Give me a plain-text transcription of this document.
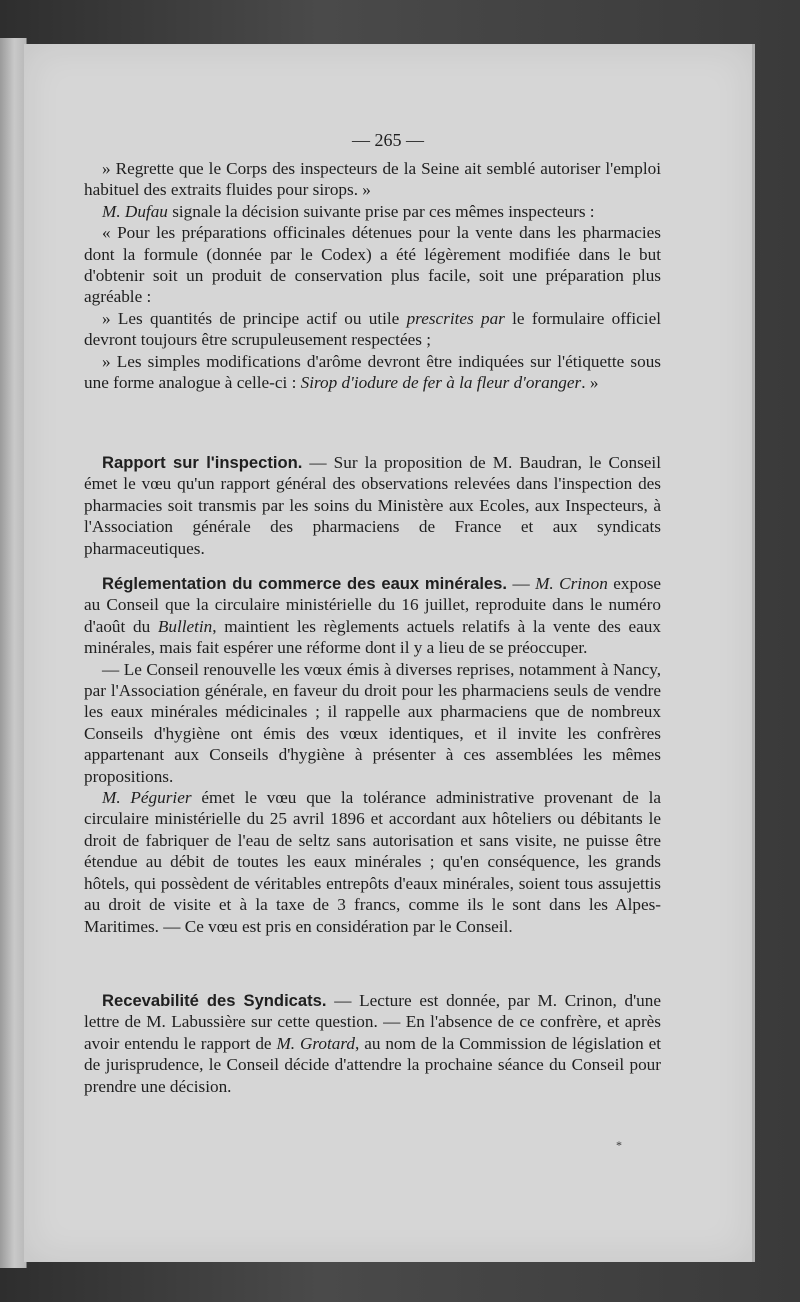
— 265 —

» Regrette que le Corps des inspecteurs de la Seine ait semblé autoriser l'emploi habituel des extraits fluides pour sirops. »

M. Dufau signale la décision suivante prise par ces mêmes inspecteurs :

« Pour les préparations officinales détenues pour la vente dans les pharmacies dont la formule (donnée par le Codex) a été légèrement modifiée dans le but d'obtenir soit un produit de conservation plus facile, soit une préparation plus agréable :

» Les quantités de principe actif ou utile prescrites par le formulaire officiel devront toujours être scrupuleusement respectées ;

» Les simples modifications d'arôme devront être indiquées sur l'étiquette sous une forme analogue à celle-ci : Sirop d'iodure de fer à la fleur d'oranger. »

Rapport sur l'inspection. — Sur la proposition de M. Baudran, le Conseil émet le vœu qu'un rapport général des observations relevées dans l'inspection des pharmacies soit transmis par les soins du Ministère aux Ecoles, aux Inspecteurs, à l'Association générale des pharmaciens de France et aux syndicats pharmaceutiques.

Réglementation du commerce des eaux minérales. — M. Crinon expose au Conseil que la circulaire ministérielle du 16 juillet, reproduite dans le numéro d'août du Bulletin, maintient les règlements actuels relatifs à la vente des eaux minérales, mais fait espérer une réforme dont il y a lieu de se préoccuper.

— Le Conseil renouvelle les vœux émis à diverses reprises, notamment à Nancy, par l'Association générale, en faveur du droit pour les pharmaciens seuls de vendre les eaux minérales médicinales ; il rappelle aux pharmaciens que de nombreux Conseils d'hygiène ont émis des vœux identiques, et il invite les confrères appartenant aux Conseils d'hygiène à présenter à ces assemblées les mêmes propositions.

M. Pégurier émet le vœu que la tolérance administrative provenant de la circulaire ministérielle du 25 avril 1896 et accordant aux hôteliers ou débitants le droit de fabriquer de l'eau de seltz sans autorisation et sans visite, ne puisse être étendue au débit de toutes les eaux minérales ; qu'en conséquence, les grands hôtels, qui possèdent de véritables entrepôts d'eaux minérales, soient tous assujettis au droit de visite et à la taxe de 3 francs, comme ils le sont dans les Alpes-Maritimes. — Ce vœu est pris en considération par le Conseil.

Recevabilité des Syndicats. — Lecture est donnée, par M. Crinon, d'une lettre de M. Labussière sur cette question. — En l'absence de ce confrère, et après avoir entendu le rapport de M. Grotard, au nom de la Commission de législation et de jurisprudence, le Conseil décide d'attendre la prochaine séance du Conseil pour prendre une décision.

*
